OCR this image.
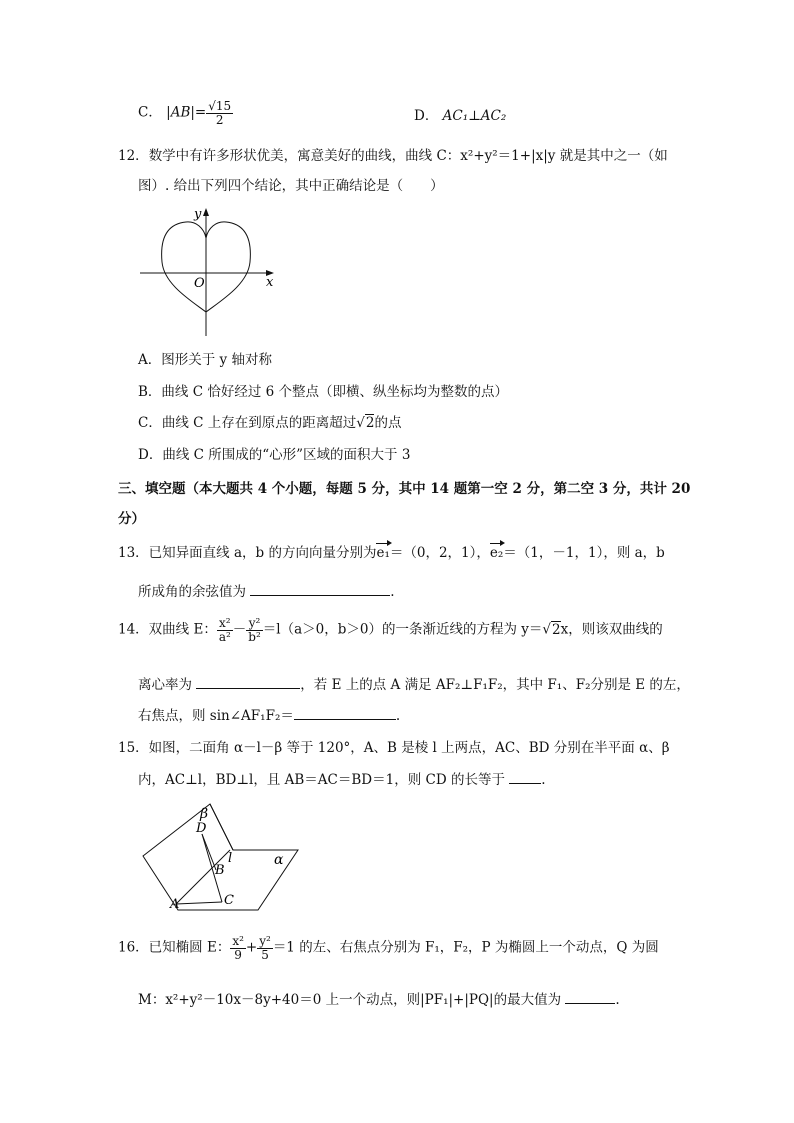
C． $|AB|= \frac{√15}{2}$	D． AC₁⊥AC₂
12．数学中有许多形状优美，寓意美好的曲线，曲线 C：x²+y²＝1+|x|y 就是其中之一（如
图）. 给出下列四个结论，其中正确结论是（　　）
y
x
O
A．图形关于 y 轴对称
B．曲线 C 恰好经过 6 个整点（即横、纵坐标均为整数的点）
C．曲线 C 上存在到原点的距离超过√2的点
D．曲线 C 所围成的“心形”区域的面积大于 3
三、填空题（本大题共 4 个小题，每题 5 分，其中 14 题第一空 2 分，第二空 3 分，共计 20
分）
13．已知异面直线 a，b 的方向向量分别为e₁＝（0，2，1），e₂＝（1，－1，1），则 a，b
所成角的余弦值为	.
14．双曲线 E： $\frac{\text{x²}}{\text{a²}} - \frac{\text{y²}}{\text{b²}} =l(a>0$，b＞0）的一条渐近线的方程为 y＝√2x，则该双曲线的
离心率为	，若 E 上的点 A 满足 AF₂⊥F₁F₂，其中 F₁、F₂分别是 E 的左，
右焦点，则 sin∠AF₁F₂＝	.
15．如图，二面角 α－l－β 等于 120°，A、B 是棱 l 上两点，AC、BD 分别在半平面 α、β
内，AC⊥l，BD⊥l，且 AB＝AC＝BD＝1，则 CD 的长等于	.
β
D
l	α
B
A	C
16．已知椭圆 E： $\frac{\text{x²}}{9} + \frac{\text{y²}}{5} =1$ 的左、右焦点分别为 F₁，F₂，P 为椭圆上一个动点，Q 为圆
M：x²+y²－10x－8y+40＝0 上一个动点，则|PF₁|+|PQ|的最大值为	.
